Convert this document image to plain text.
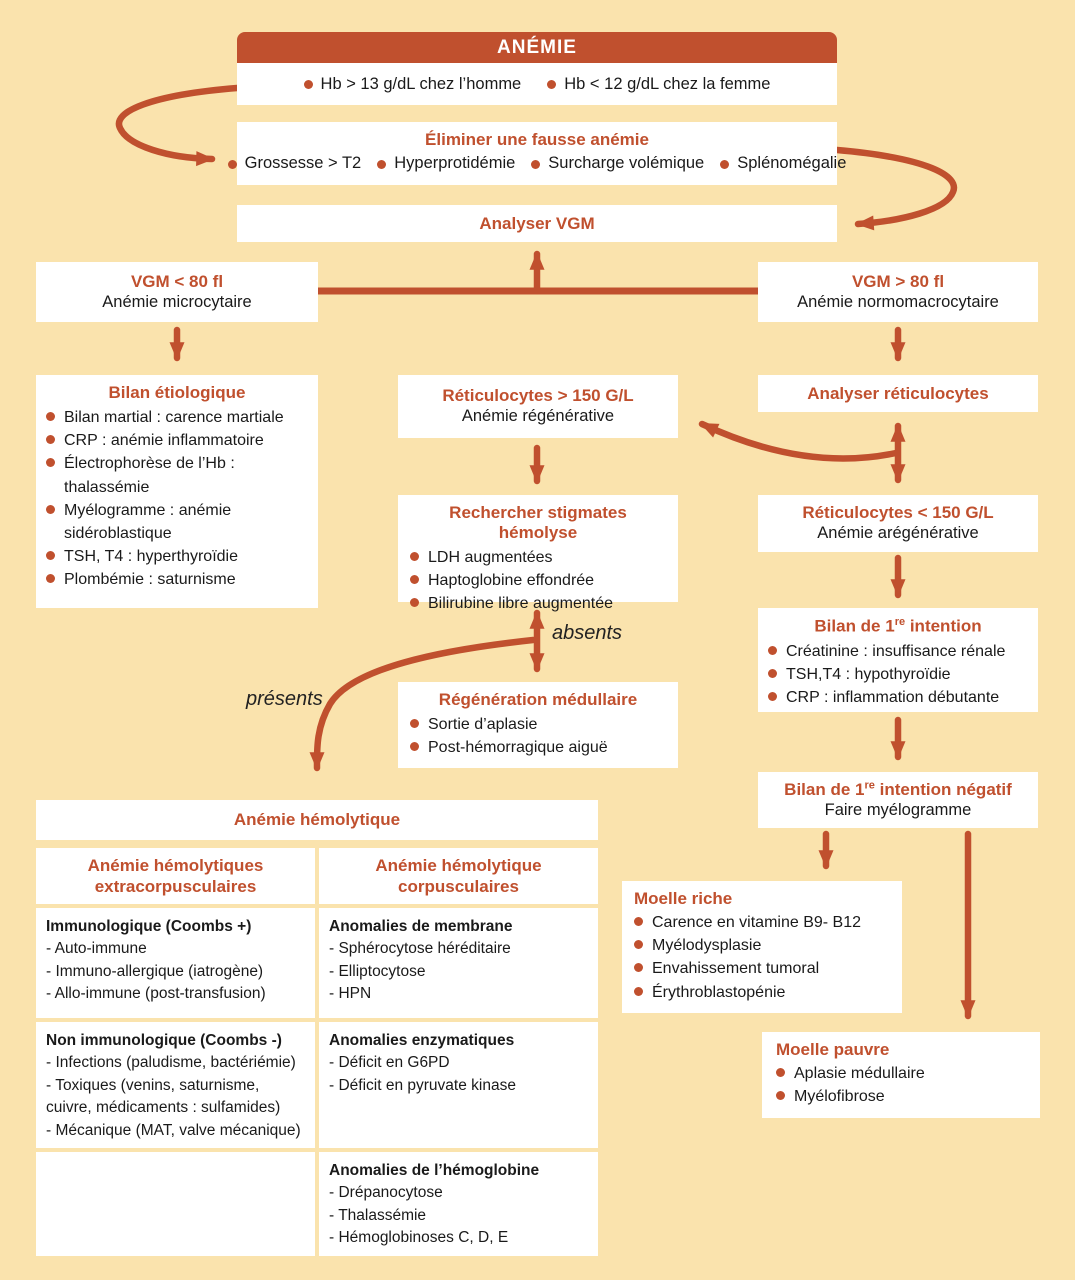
ANÉMIE
Hb > 13 g/dL chez l’homme	Hb < 12 g/dL chez la femme
Éliminer une fausse anémie
Grossesse > T2 Hyperprotidémie Surcharge volémique Splénomégalie
Analyser VGM
VGM < 80 fl
Anémie microcytaire
VGM > 80 fl
Anémie normomacrocytaire
Bilan étiologique
Bilan martial : carence martiale
CRP : anémie inflammatoire
Électrophorèse de l’Hb : thalassémie
Myélogramme : anémie sidéroblastique
TSH, T4 : hyperthyroïdie
Plombémie : saturnisme
Réticulocytes > 150 G/L
Anémie régénérative
Analyser réticulocytes
Réticulocytes < 150 G/L
Anémie arégénérative
Rechercher stigmates hémolyse
LDH augmentées
Haptoglobine effondrée
Bilirubine libre augmentée
Bilan de 1re intention
Créatinine : insuffisance rénale
TSH,T4 : hypothyroïdie
CRP : inflammation débutante
Régénération médullaire
Sortie d’aplasie
Post-hémorragique aiguë
Bilan de 1re intention négatif
Faire myélogramme
absents
présents
Anémie hémolytique
Anémie hémolytiques extracorpusculaires
Anémie hémolytique corpusculaires
Immunologique (Coombs +)
- Auto-immune
- Immuno-allergique (iatrogène)
- Allo-immune (post-transfusion)
Anomalies de membrane
- Sphérocytose héréditaire
- Elliptocytose
- HPN
Non immunologique (Coombs -)
- Infections (paludisme, bactériémie)
- Toxiques (venins, saturnisme, cuivre, médicaments : sulfamides)
- Mécanique (MAT, valve mécanique)
Anomalies enzymatiques
- Déficit en G6PD
- Déficit en pyruvate kinase
Anomalies de l’hémoglobine
- Drépanocytose
- Thalassémie
- Hémoglobinoses C, D, E
Moelle riche
Carence en vitamine B9- B12
Myélodysplasie
Envahissement tumoral
Érythroblastopénie
Moelle pauvre
Aplasie médullaire
Myélofibrose
